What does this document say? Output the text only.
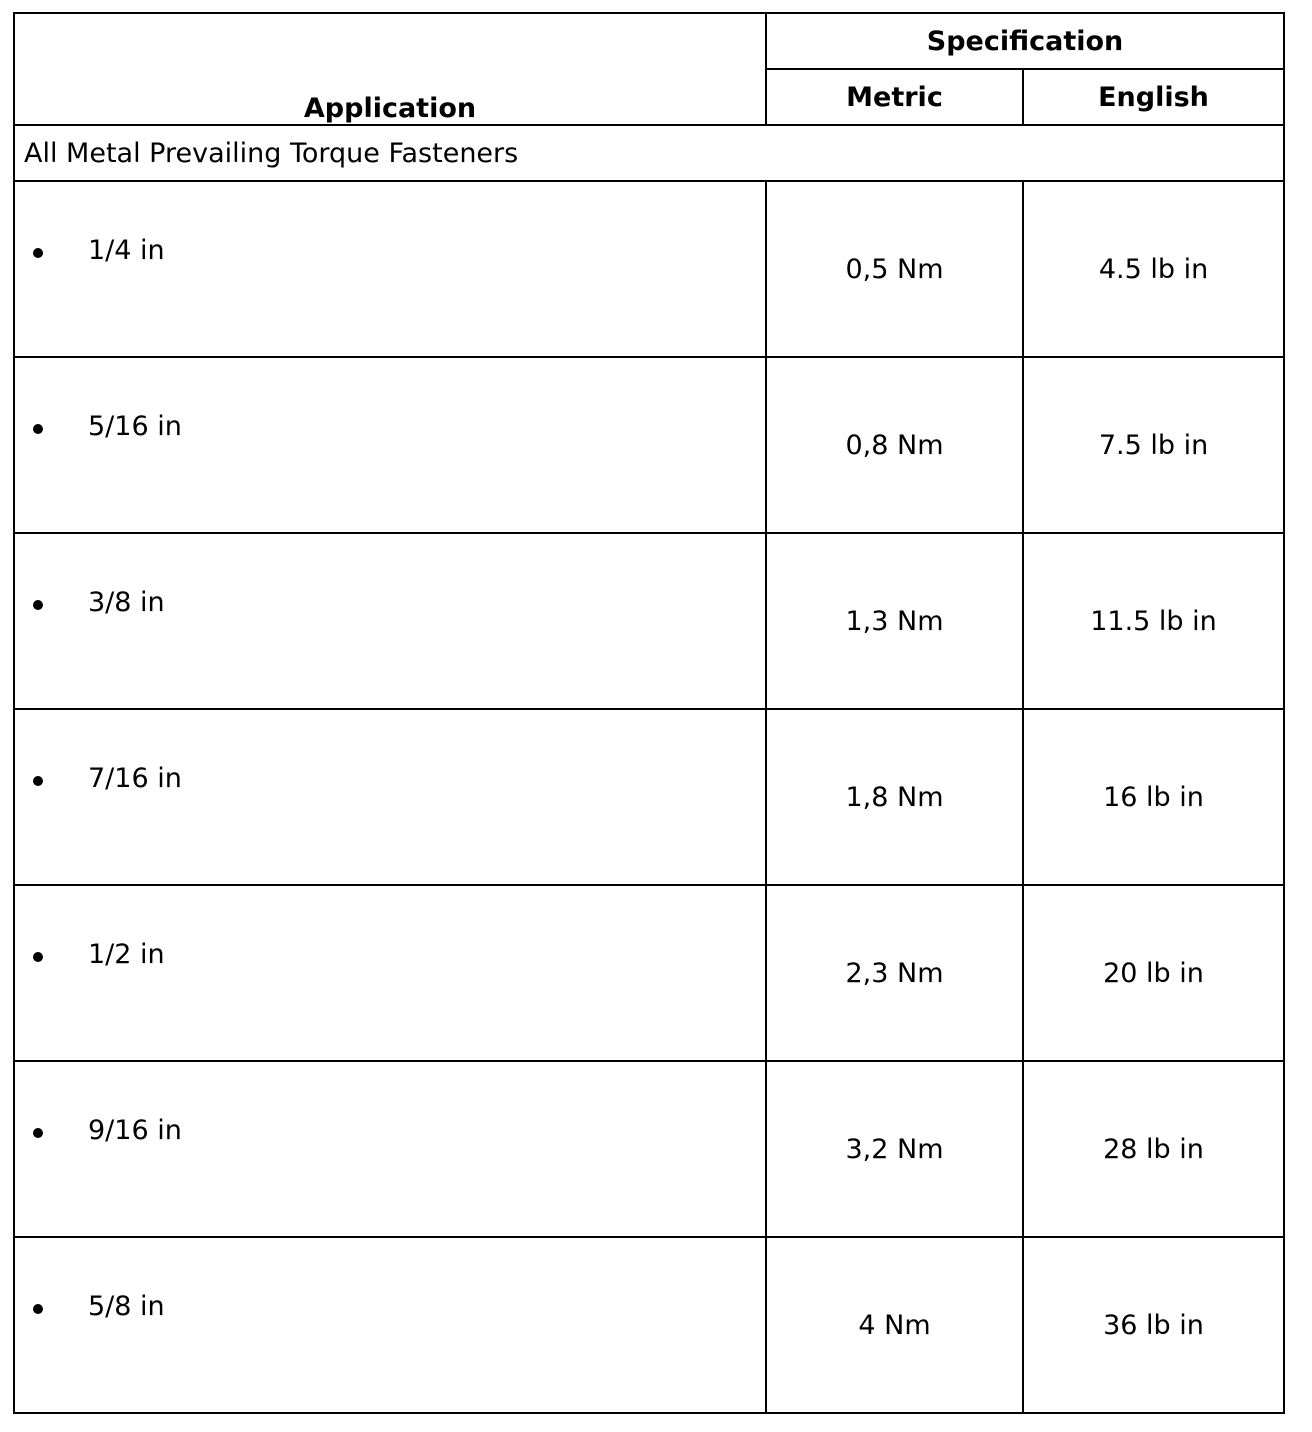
Application	Specification	
	Metric	English
All Metal Prevailing Torque Fasteners		

1/4 in	0,5 Nm	4.5 lb in

5/16 in	0,8 Nm	7.5 lb in

3/8 in	1,3 Nm	11.5 lb in

7/16 in	1,8 Nm	16 lb in

1/2 in	2,3 Nm	20 lb in

9/16 in	3,2 Nm	28 lb in

5/8 in	4 Nm	36 lb in
